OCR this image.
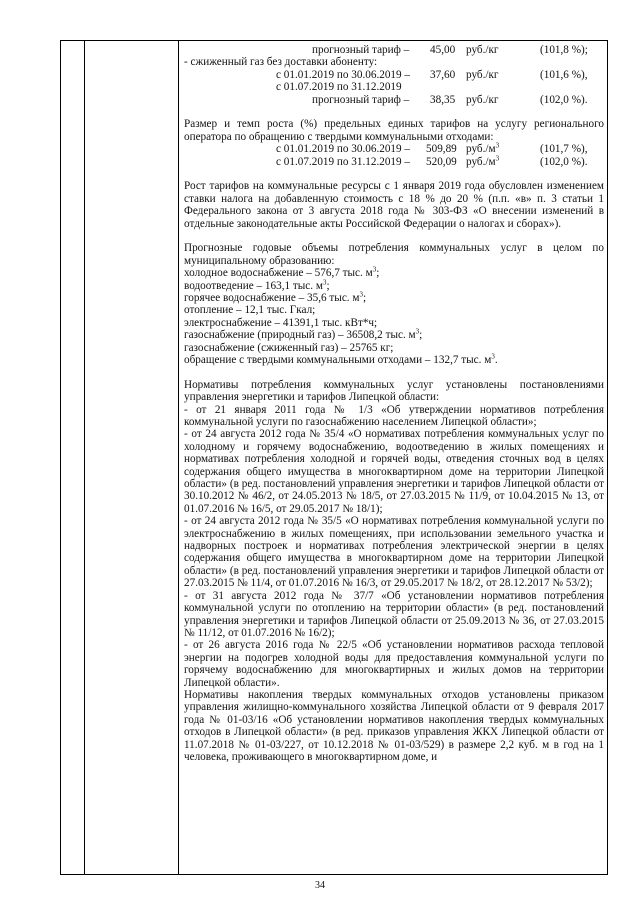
прогнозный тариф – 45,00 руб./кг	(101,8 %);
- сжиженный газ без доставки абоненту:
с 01.01.2019 по 30.06.2019 – 37,60 руб./кг	(101,6 %),
с 01.07.2019 по 31.12.2019
прогнозный тариф – 38,35 руб./кг	(102,0 %).
Размер и темп роста (%) предельных единых тарифов на услугу регионального оператора по обращению с твердыми коммунальными отходами:
с 01.01.2019 по 30.06.2019 – 509,89 $руб./м^3$	(101,7 %),
с 01.07.2019 по 31.12.2019 – 520,09 $руб./м^3$	(102,0 %).
Рост тарифов на коммунальные ресурсы с 1 января 2019 года обусловлен изменением ставки налога на добавленную стоимость с 18 % до 20 % (п.п. «в» п. 3 статьи 1 Федерального закона от 3 августа 2018 года № 303-ФЗ «О внесении изменений в отдельные законодательные акты Российской Федерации о налогах и сборах»).
Прогнозные годовые объемы потребления коммунальных услуг в целом по муниципальному образованию:
холодное водоснабжение – 576,7 тыс. $м^3$;
водоотведение – 163,1 тыс. $м^3$;
горячее водоснабжение – 35,6 тыс. $м^3$;
отопление – 12,1 тыс. Гкал;
электроснабжение – 41391,1 тыс. кВт*ч;
газоснабжение (природный газ) – 36508,2 тыс. $м^3$;
газоснабжение (сжиженный газ) – 25765 кг;
обращение с твердыми коммунальными отходами – 132,7 тыс. $м^3$.
Нормативы потребления коммунальных услуг установлены постановлениями управления энергетики и тарифов Липецкой области:
- от 21 января 2011 года № 1/3 «Об утверждении нормативов потребления коммунальной услуги по газоснабжению населением Липецкой области»;
- от 24 августа 2012 года № 35/4 «О нормативах потребления коммунальных услуг по холодному и горячему водоснабжению, водоотведению в жилых помещениях и нормативах потребления холодной и горячей воды, отведения сточных вод в целях содержания общего имущества в многоквартирном доме на территории Липецкой области» (в ред. постановлений управления энергетики и тарифов Липецкой области от 30.10.2012 № 46/2, от 24.05.2013 № 18/5, от 27.03.2015 № 11/9, от 10.04.2015 № 13, от 01.07.2016 № 16/5, от 29.05.2017 № 18/1);
- от 24 августа 2012 года № 35/5 «О нормативах потребления коммунальной услуги по электроснабжению в жилых помещениях, при использовании земельного участка и надворных построек и нормативах потребления электрической энергии в целях содержания общего имущества в многоквартирном доме на территории Липецкой области» (в ред. постановлений управления энергетики и тарифов Липецкой области от 27.03.2015 № 11/4, от 01.07.2016 № 16/3, от 29.05.2017 № 18/2, от 28.12.2017 № 53/2);
- от 31 августа 2012 года № 37/7 «Об установлении нормативов потребления коммунальной услуги по отоплению на территории области» (в ред. постановлений управления энергетики и тарифов Липецкой области от 25.09.2013 № 36, от 27.03.2015 № 11/12, от 01.07.2016 № 16/2);
- от 26 августа 2016 года № 22/5 «Об установлении нормативов расхода тепловой энергии на подогрев холодной воды для предоставления коммунальной услуги по горячему водоснабжению для многоквартирных и жилых домов на территории Липецкой области».
Нормативы накопления твердых коммунальных отходов установлены приказом управления жилищно-коммунального хозяйства Липецкой области от 9 февраля 2017 года № 01-03/16 «Об установлении нормативов накопления твердых коммунальных отходов в Липецкой области» (в ред. приказов управления ЖКХ Липецкой области от 11.07.2018 № 01-03/227, от 10.12.2018 № 01-03/529) в размере 2,2 куб. м в год на 1 человека, проживающего в многоквартирном доме, и
34
